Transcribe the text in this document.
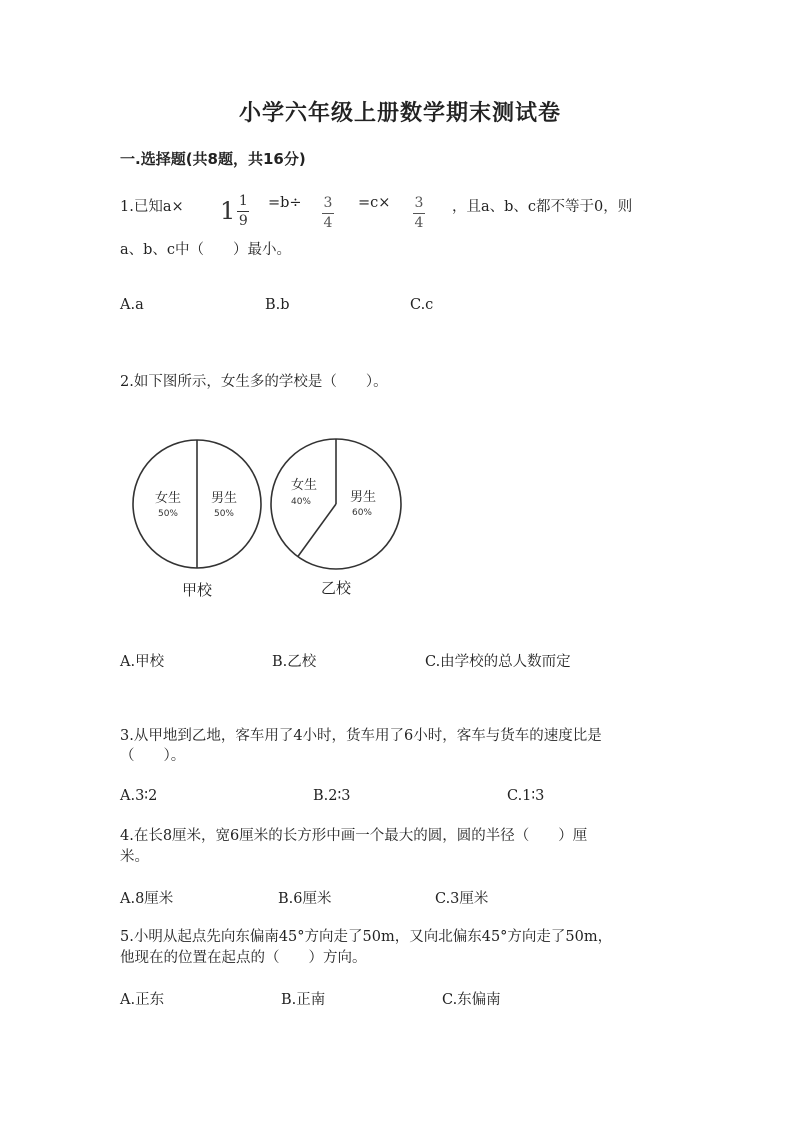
小学六年级上册数学期末测试卷
一.选择题(共8题，共16分)
1.已知$a\times 1 \frac{1}{9} =b\div 3$
4
=c× 3
4
，且a、b、c都不等于0，则
a、b、c中（　　）最小。
A.a	B.b	C.c
2.如下图所示，女生多的学校是（　　）。
女生
50%
男生
50%
甲校
女生
40%	男生
60%
乙校
A.甲校	B.乙校	C.由学校的总人数而定
3.从甲地到乙地，客车用了4小时，货车用了6小时，客车与货车的速度比是
（　　）。
A.3∶2	B.2∶3	C.1∶3
4.在长8厘米，宽6厘米的长方形中画一个最大的圆，圆的半径（　　）厘
米。
A.8厘米	B.6厘米	C.3厘米
5.小明从起点先向东偏南45°方向走了50m，又向北偏东45°方向走了50m，
他现在的位置在起点的（　　）方向。
A.正东	B.正南	C.东偏南
